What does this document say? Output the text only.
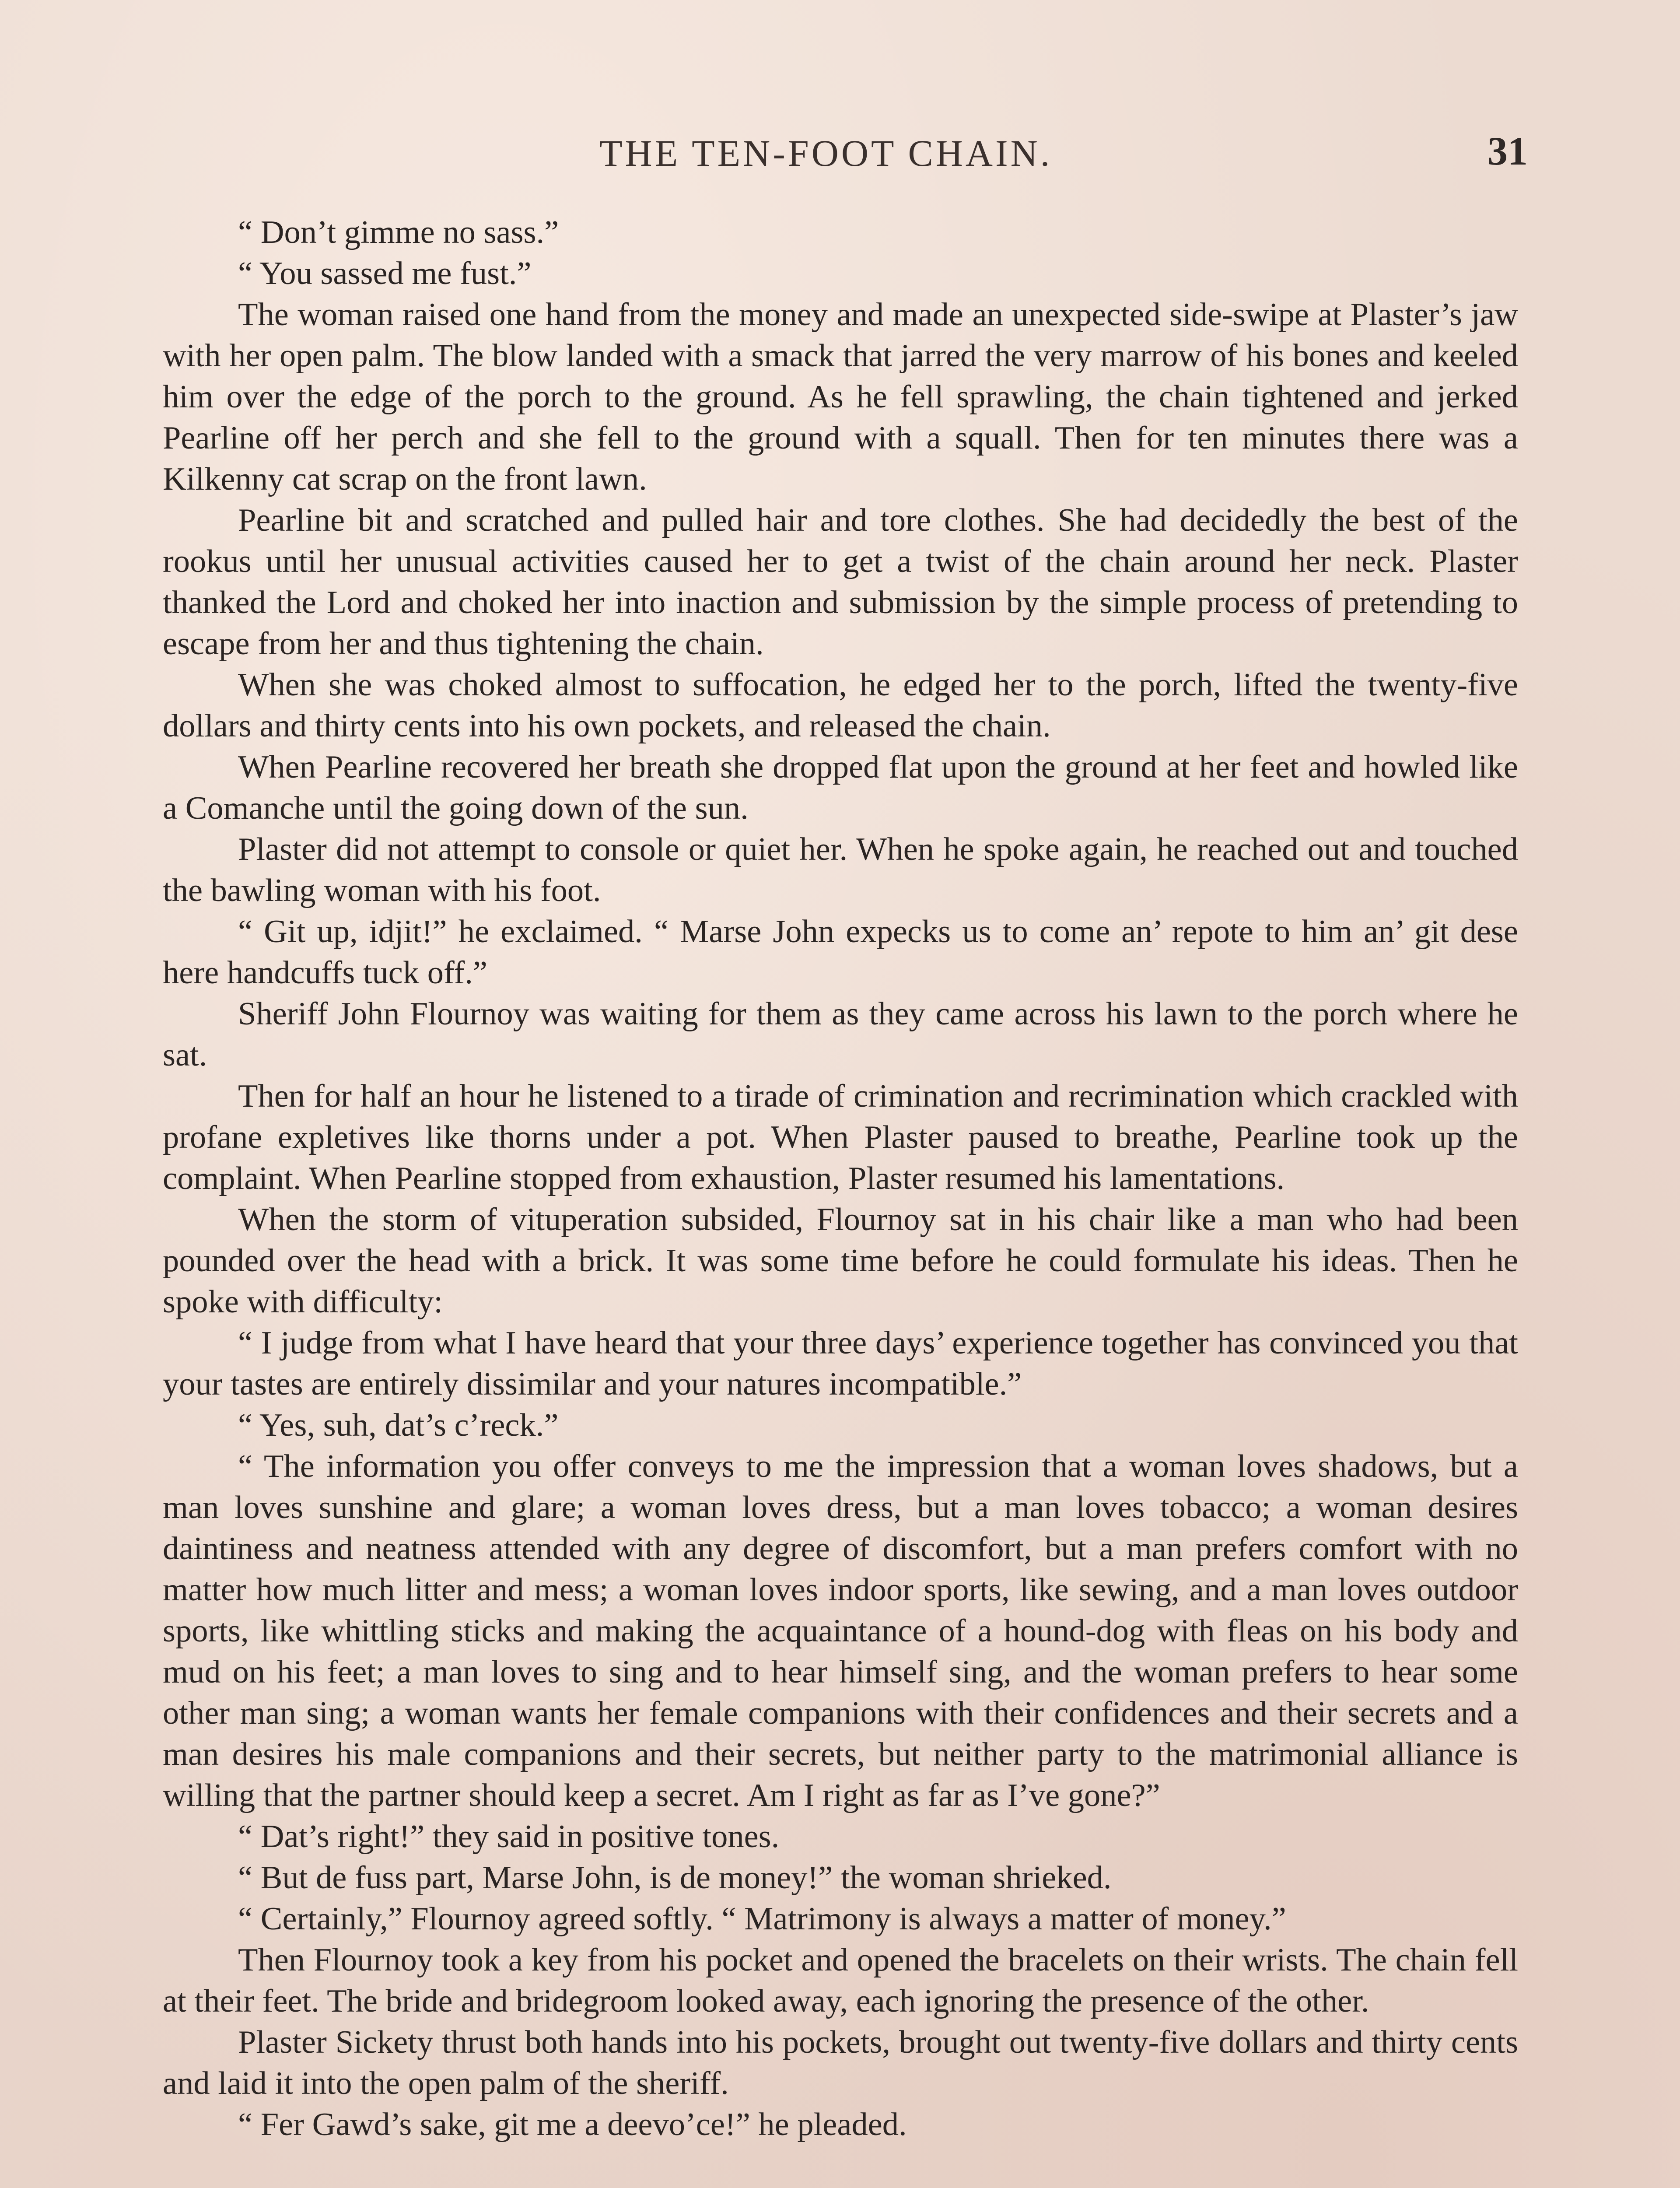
THE TEN-FOOT CHAIN.	31

“ Don’t gimme no sass.”

“ You sassed me fust.”

The woman raised one hand from the money and made an unexpected side-swipe at Plaster’s jaw with her open palm. The blow landed with a smack that jarred the very marrow of his bones and keeled him over the edge of the porch to the ground. As he fell sprawling, the chain tightened and jerked Pearline off her perch and she fell to the ground with a squall. Then for ten minutes there was a Kilkenny cat scrap on the front lawn.

Pearline bit and scratched and pulled hair and tore clothes. She had decidedly the best of the rookus until her unusual activities caused her to get a twist of the chain around her neck. Plaster thanked the Lord and choked her into inaction and submission by the simple process of pretending to escape from her and thus tightening the chain.

When she was choked almost to suffocation, he edged her to the porch, lifted the twenty-five dollars and thirty cents into his own pockets, and released the chain.

When Pearline recovered her breath she dropped flat upon the ground at her feet and howled like a Comanche until the going down of the sun.

Plaster did not attempt to console or quiet her. When he spoke again, he reached out and touched the bawling woman with his foot.

“ Git up, idjit!” he exclaimed. “ Marse John expecks us to come an’ repote to him an’ git dese here handcuffs tuck off.”

Sheriff John Flournoy was waiting for them as they came across his lawn to the porch where he sat.

Then for half an hour he listened to a tirade of crimination and recrimination which crackled with profane expletives like thorns under a pot. When Plaster paused to breathe, Pearline took up the complaint. When Pearline stopped from exhaustion, Plaster resumed his lamentations.

When the storm of vituperation subsided, Flournoy sat in his chair like a man who had been pounded over the head with a brick. It was some time before he could formulate his ideas. Then he spoke with difficulty:

“ I judge from what I have heard that your three days’ experience together has convinced you that your tastes are entirely dissimilar and your natures incompatible.”

“ Yes, suh, dat’s c’reck.”

“ The information you offer conveys to me the impression that a woman loves shadows, but a man loves sunshine and glare; a woman loves dress, but a man loves tobacco; a woman desires daintiness and neatness attended with any degree of discomfort, but a man prefers comfort with no matter how much litter and mess; a woman loves indoor sports, like sewing, and a man loves outdoor sports, like whittling sticks and making the acquaintance of a hound-dog with fleas on his body and mud on his feet; a man loves to sing and to hear himself sing, and the woman prefers to hear some other man sing; a woman wants her female companions with their confidences and their secrets and a man desires his male companions and their secrets, but neither party to the matrimonial alliance is willing that the partner should keep a secret. Am I right as far as I’ve gone?”

“ Dat’s right!” they said in positive tones.

“ But de fuss part, Marse John, is de money!” the woman shrieked.

“ Certainly,” Flournoy agreed softly. “ Matrimony is always a matter of money.”

Then Flournoy took a key from his pocket and opened the bracelets on their wrists. The chain fell at their feet. The bride and bridegroom looked away, each ignoring the presence of the other.

Plaster Sickety thrust both hands into his pockets, brought out twenty-five dollars and thirty cents and laid it into the open palm of the sheriff.

“ Fer Gawd’s sake, git me a deevo’ce!” he pleaded.
